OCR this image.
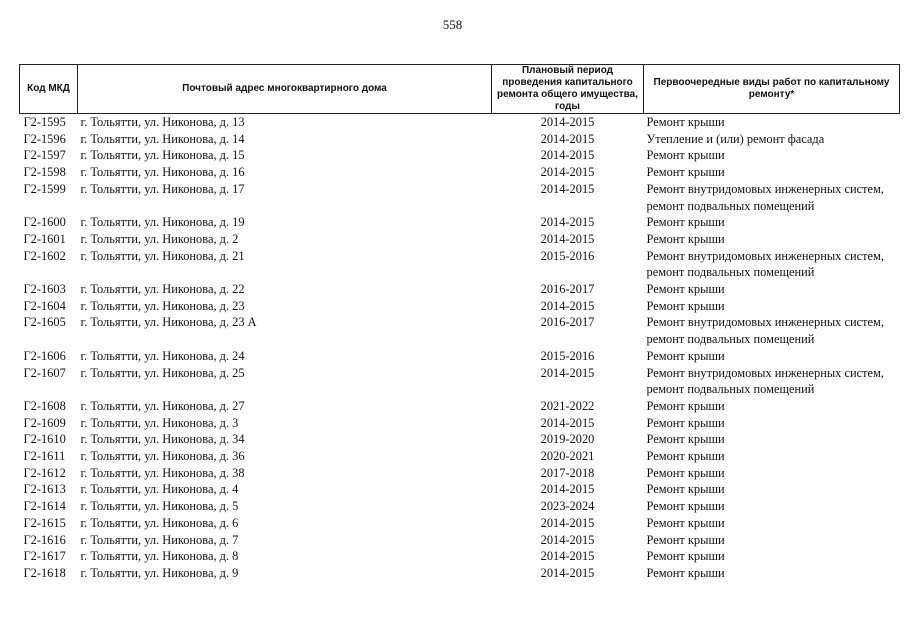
558
Код МКД	Почтовый адрес многоквартирного дома	Плановый период проведения капитального ремонта общего имущества, годы	Первоочередные виды работ по капитальному ремонту*
Г2-1595	г. Тольятти, ул. Никонова, д. 13	2014-2015	Ремонт крыши

Г2-1596	г. Тольятти, ул. Никонова, д. 14	2014-2015	Утепление и (или) ремонт фасада

Г2-1597	г. Тольятти, ул. Никонова, д. 15	2014-2015	Ремонт крыши

Г2-1598	г. Тольятти, ул. Никонова, д. 16	2014-2015	Ремонт крыши

Г2-1599	г. Тольятти, ул. Никонова, д. 17	2014-2015	Ремонт внутридомовых инженерных систем,
ремонт подвальных помещений

Г2-1600	г. Тольятти, ул. Никонова, д. 19	2014-2015	Ремонт крыши

Г2-1601	г. Тольятти, ул. Никонова, д. 2	2014-2015	Ремонт крыши

Г2-1602	г. Тольятти, ул. Никонова, д. 21	2015-2016	Ремонт внутридомовых инженерных систем,
ремонт подвальных помещений

Г2-1603	г. Тольятти, ул. Никонова, д. 22	2016-2017	Ремонт крыши

Г2-1604	г. Тольятти, ул. Никонова, д. 23	2014-2015	Ремонт крыши

Г2-1605	г. Тольятти, ул. Никонова, д. 23 А	2016-2017	Ремонт внутридомовых инженерных систем,
ремонт подвальных помещений

Г2-1606	г. Тольятти, ул. Никонова, д. 24	2015-2016	Ремонт крыши

Г2-1607	г. Тольятти, ул. Никонова, д. 25	2014-2015	Ремонт внутридомовых инженерных систем,
ремонт подвальных помещений

Г2-1608	г. Тольятти, ул. Никонова, д. 27	2021-2022	Ремонт крыши

Г2-1609	г. Тольятти, ул. Никонова, д. 3	2014-2015	Ремонт крыши

Г2-1610	г. Тольятти, ул. Никонова, д. 34	2019-2020	Ремонт крыши

Г2-1611	г. Тольятти, ул. Никонова, д. 36	2020-2021	Ремонт крыши

Г2-1612	г. Тольятти, ул. Никонова, д. 38	2017-2018	Ремонт крыши

Г2-1613	г. Тольятти, ул. Никонова, д. 4	2014-2015	Ремонт крыши

Г2-1614	г. Тольятти, ул. Никонова, д. 5	2023-2024	Ремонт крыши

Г2-1615	г. Тольятти, ул. Никонова, д. 6	2014-2015	Ремонт крыши

Г2-1616	г. Тольятти, ул. Никонова, д. 7	2014-2015	Ремонт крыши

Г2-1617	г. Тольятти, ул. Никонова, д. 8	2014-2015	Ремонт крыши

Г2-1618	г. Тольятти, ул. Никонова, д. 9	2014-2015	Ремонт крыши
